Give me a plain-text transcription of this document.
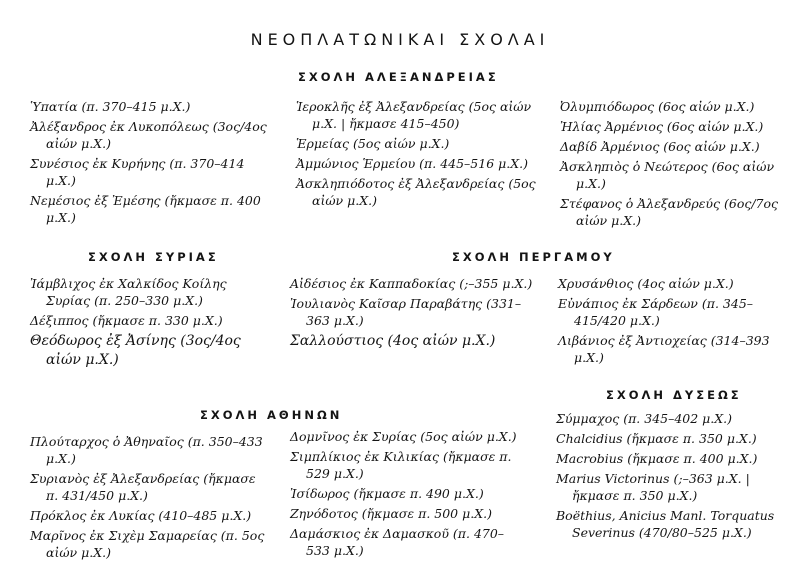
ΝΕΟΠΛΑΤΩΝΙΚΑΙ ΣΧΟΛΑΙ
ΣΧΟΛΗ ΑΛΕΞΑΝΔΡΕΙΑΣ

Ὑπατία (π. 370–415 μ.Χ.)

Ἀλέξανδρος ἐκ Λυκοπόλεως (3ος/4ος αἰών μ.Χ.)

Συνέσιος ἐκ Κυρήνης (π. 370–414 μ.Χ.)

Νεμέσιος ἐξ Ἐμέσης (ἤκμασε π. 400 μ.Χ.)

Ἱεροκλῆς ἐξ Ἀλεξανδρείας (5ος αἰών μ.Χ. | ἤκμασε 415–450)

Ἑρμείας (5ος αἰών μ.Χ.)

Ἀμμώνιος Ἑρμείου (π. 445–516 μ.Χ.)

Ἀσκληπιόδοτος ἐξ Ἀλεξανδρείας (5ος αἰών μ.Χ.)

Ὀλυμπιόδωρος (6ος αἰών μ.Χ.)

Ἠλίας Ἀρμένιος (6ος αἰών μ.Χ.)

Δαβίδ Ἀρμένιος (6ος αἰών μ.Χ.)

Ἀσκληπιὸς ὁ Νεώτερος (6ος αἰών μ.Χ.)

Στέφανος ὁ Ἀλεξανδρεύς (6ος/7ος αἰών μ.Χ.)

ΣΧΟΛΗ ΣΥΡΙΑΣ

Ἰάμβλιχος ἐκ Χαλκίδος Κοίλης Συρίας (π. 250–330 μ.Χ.)

Δέξιππος (ἤκμασε π. 330 μ.Χ.)

Θεόδωρος ἐξ Ἀσίνης (3ος/4ος αἰών μ.Χ.)

ΣΧΟΛΗ ΠΕΡΓΑΜΟΥ

Αἰδέσιος ἐκ Καππαδοκίας (;–355 μ.Χ.)

Ἰουλιανὸς Καῖσαρ Παραβάτης (331–363 μ.Χ.)

Σαλλούστιος (4ος αἰών μ.Χ.)

Χρυσάνθιος (4ος αἰών μ.Χ.)

Εὐνάπιος ἐκ Σάρδεων (π. 345–415/420 μ.Χ.)

Λιβάνιος ἐξ Ἀντιοχείας (314–393 μ.Χ.)

ΣΧΟΛΗ ΑΘΗΝΩΝ

Πλούταρχος ὁ Ἀθηναῖος (π. 350–433 μ.Χ.)

Συριανὸς ἐξ Ἀλεξανδρείας (ἤκμασε π. 431/450 μ.Χ.)

Πρόκλος ἐκ Λυκίας (410–485 μ.Χ.)

Μαρῖνος ἐκ Σιχὲμ Σαμαρείας (π. 5ος αἰών μ.Χ.)

Δομνῖνος ἐκ Συρίας (5ος αἰών μ.Χ.)

Σιμπλίκιος ἐκ Κιλικίας (ἤκμασε π. 529 μ.Χ.)

Ἰσίδωρος (ἤκμασε π. 490 μ.Χ.)

Ζηνόδοτος (ἤκμασε π. 500 μ.Χ.)

Δαμάσκιος ἐκ Δαμασκοῦ (π. 470–533 μ.Χ.)

ΣΧΟΛΗ ΔΥΣΕΩΣ

Σύμμαχος (π. 345–402 μ.Χ.)

Chalcidius (ἤκμασε π. 350 μ.Χ.)

Macrobius (ἤκμασε π. 400 μ.Χ.)

Marius Victorinus (;–363 μ.Χ. | ἤκμασε π. 350 μ.Χ.)

Boëthius, Anicius Manl. Torquatus Severinus (470/80–525 μ.Χ.)
